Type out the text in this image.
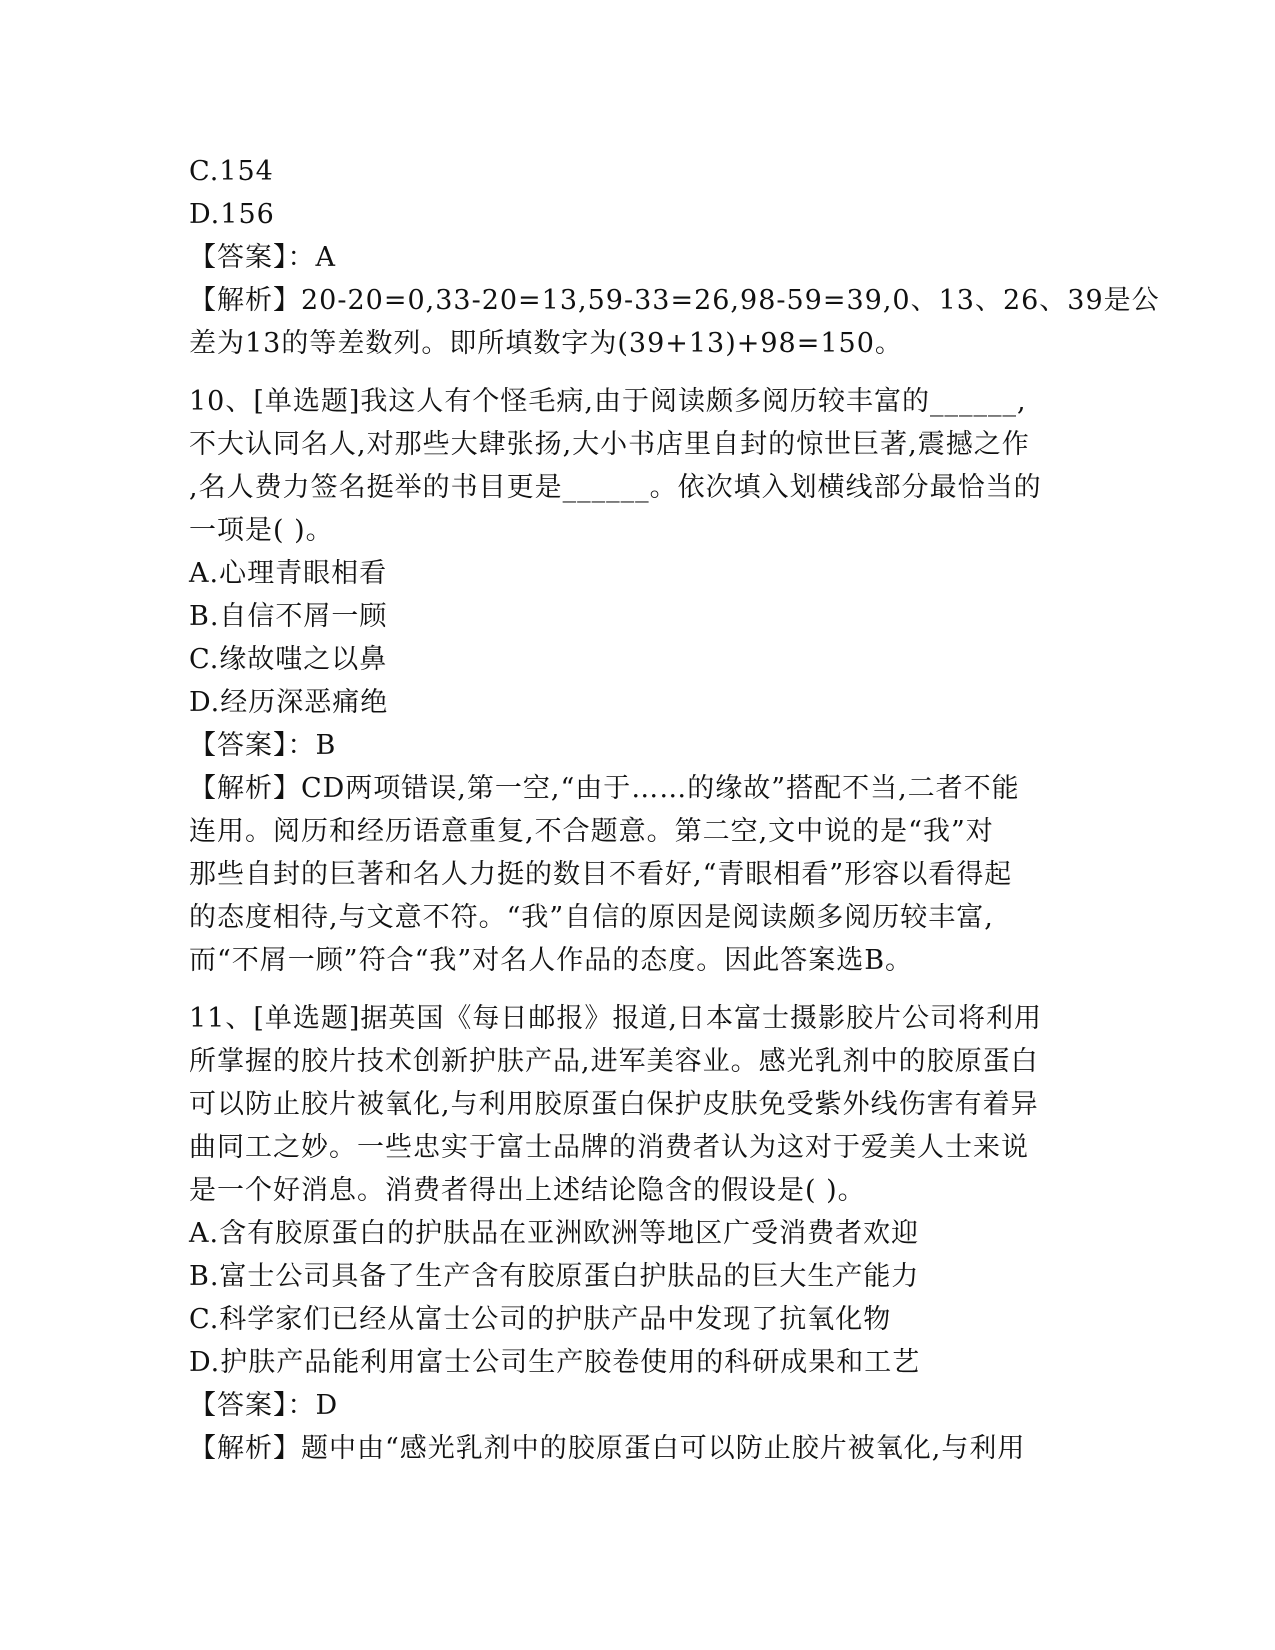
C.154
D.156
【答案】：A
【解析】20-20=0,33-20=13,59-33=26,98-59=39,0、13、26、39是公
差为13的等差数列。即所填数字为(39+13)+98=150。
10、[单选题]我这人有个怪毛病,由于阅读颇多阅历较丰富的______,
不大认同名人,对那些大肆张扬,大小书店里自封的惊世巨著,震撼之作
,名人费力签名挺举的书目更是______。依次填入划横线部分最恰当的
一项是( )。
A.心理青眼相看
B.自信不屑一顾
C.缘故嗤之以鼻
D.经历深恶痛绝
【答案】：B
【解析】CD两项错误,第一空,“由于……的缘故”搭配不当,二者不能
连用。阅历和经历语意重复,不合题意。第二空,文中说的是“我”对
那些自封的巨著和名人力挺的数目不看好,“青眼相看”形容以看得起
的态度相待,与文意不符。“我”自信的原因是阅读颇多阅历较丰富,
而“不屑一顾”符合“我”对名人作品的态度。因此答案选B。
11、[单选题]据英国《每日邮报》报道,日本富士摄影胶片公司将利用
所掌握的胶片技术创新护肤产品,进军美容业。感光乳剂中的胶原蛋白
可以防止胶片被氧化,与利用胶原蛋白保护皮肤免受紫外线伤害有着异
曲同工之妙。一些忠实于富士品牌的消费者认为这对于爱美人士来说
是一个好消息。消费者得出上述结论隐含的假设是( )。
A.含有胶原蛋白的护肤品在亚洲欧洲等地区广受消费者欢迎
B.富士公司具备了生产含有胶原蛋白护肤品的巨大生产能力
C.科学家们已经从富士公司的护肤产品中发现了抗氧化物
D.护肤产品能利用富士公司生产胶卷使用的科研成果和工艺
【答案】：D
【解析】题中由“感光乳剂中的胶原蛋白可以防止胶片被氧化,与利用
